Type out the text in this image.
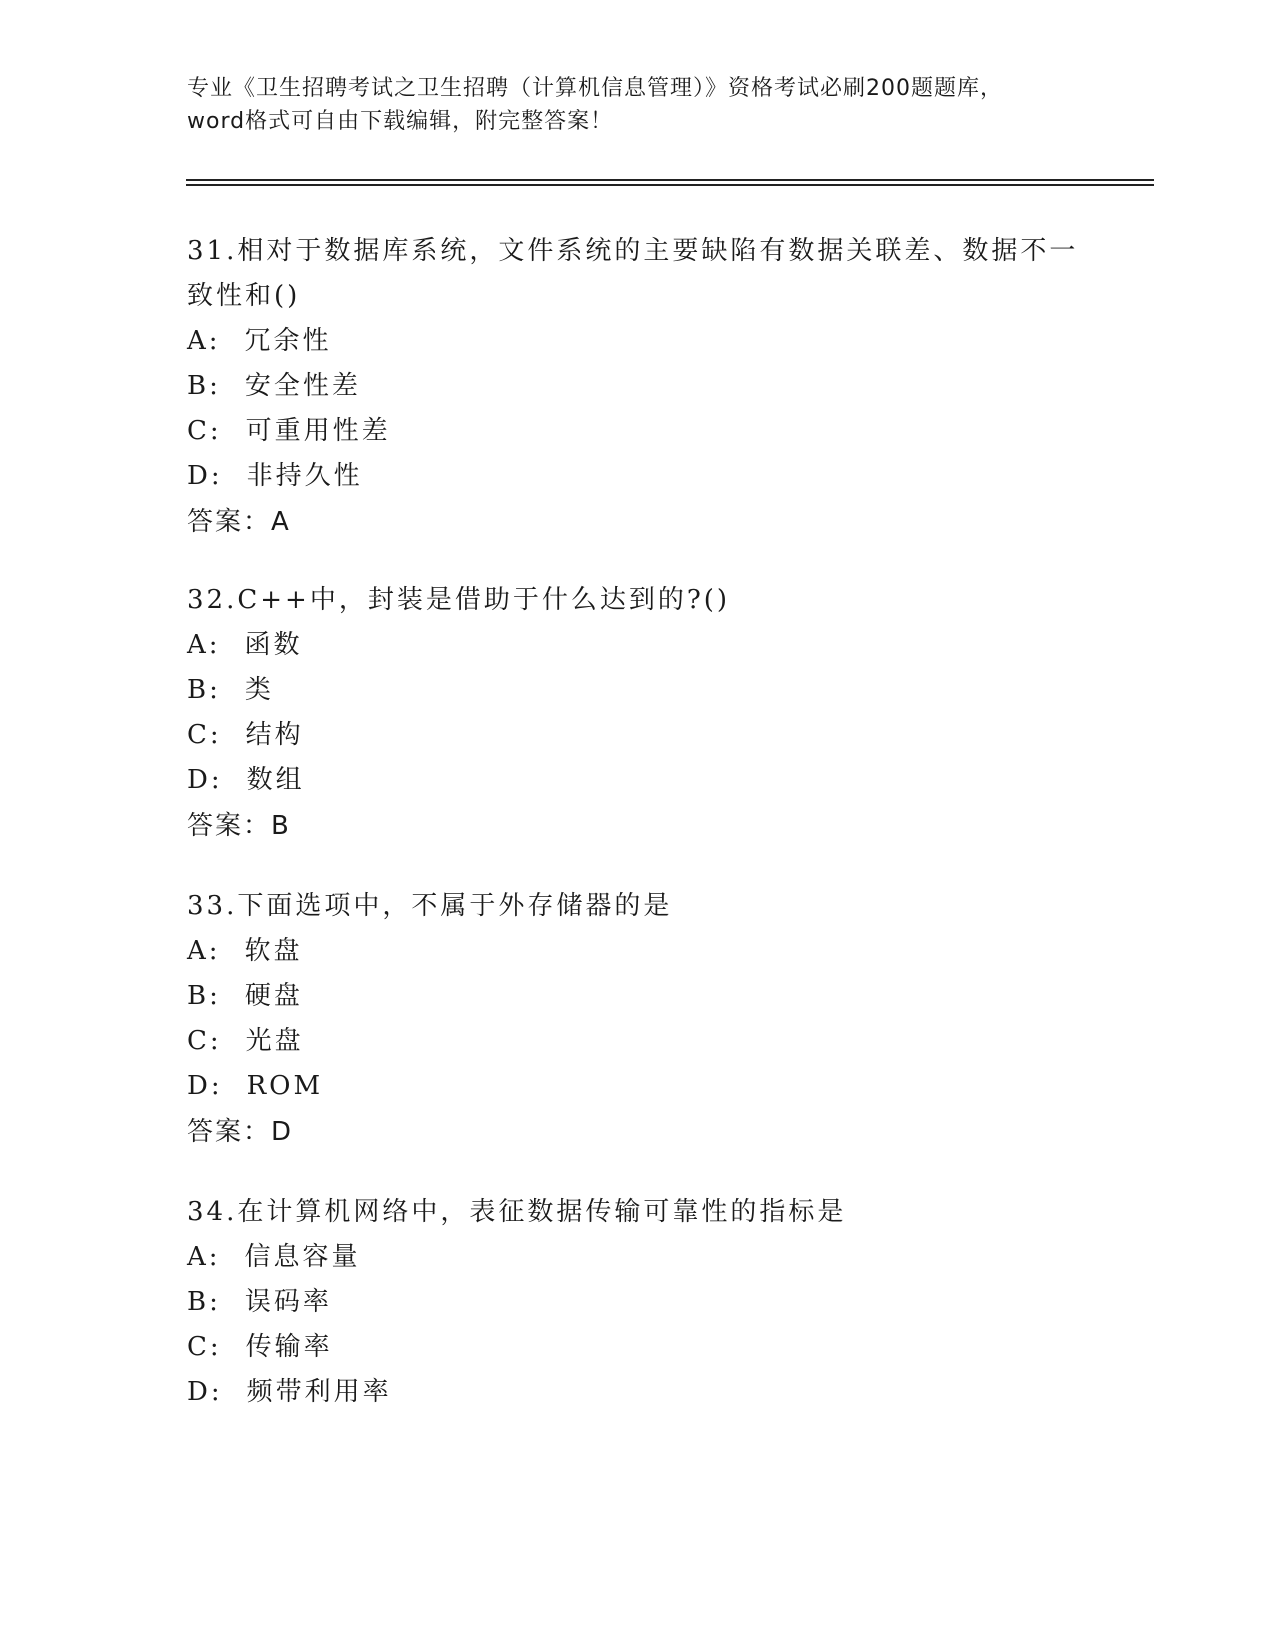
专业《卫生招聘考试之卫生招聘（计算机信息管理）》资格考试必刷200题题库，
word格式可自由下载编辑，附完整答案！
31.相对于数据库系统，文件系统的主要缺陷有数据关联差、数据不一
致性和()
A: 冗余性
B: 安全性差
C: 可重用性差
D: 非持久性
答案：A
32.C++中，封装是借助于什么达到的?()
A: 函数
B: 类
C: 结构
D: 数组
答案：B
33.下面选项中，不属于外存储器的是
A: 软盘
B: 硬盘
C: 光盘
D: ROM
答案：D
34.在计算机网络中，表征数据传输可靠性的指标是
A: 信息容量
B: 误码率
C: 传输率
D: 频带利用率
